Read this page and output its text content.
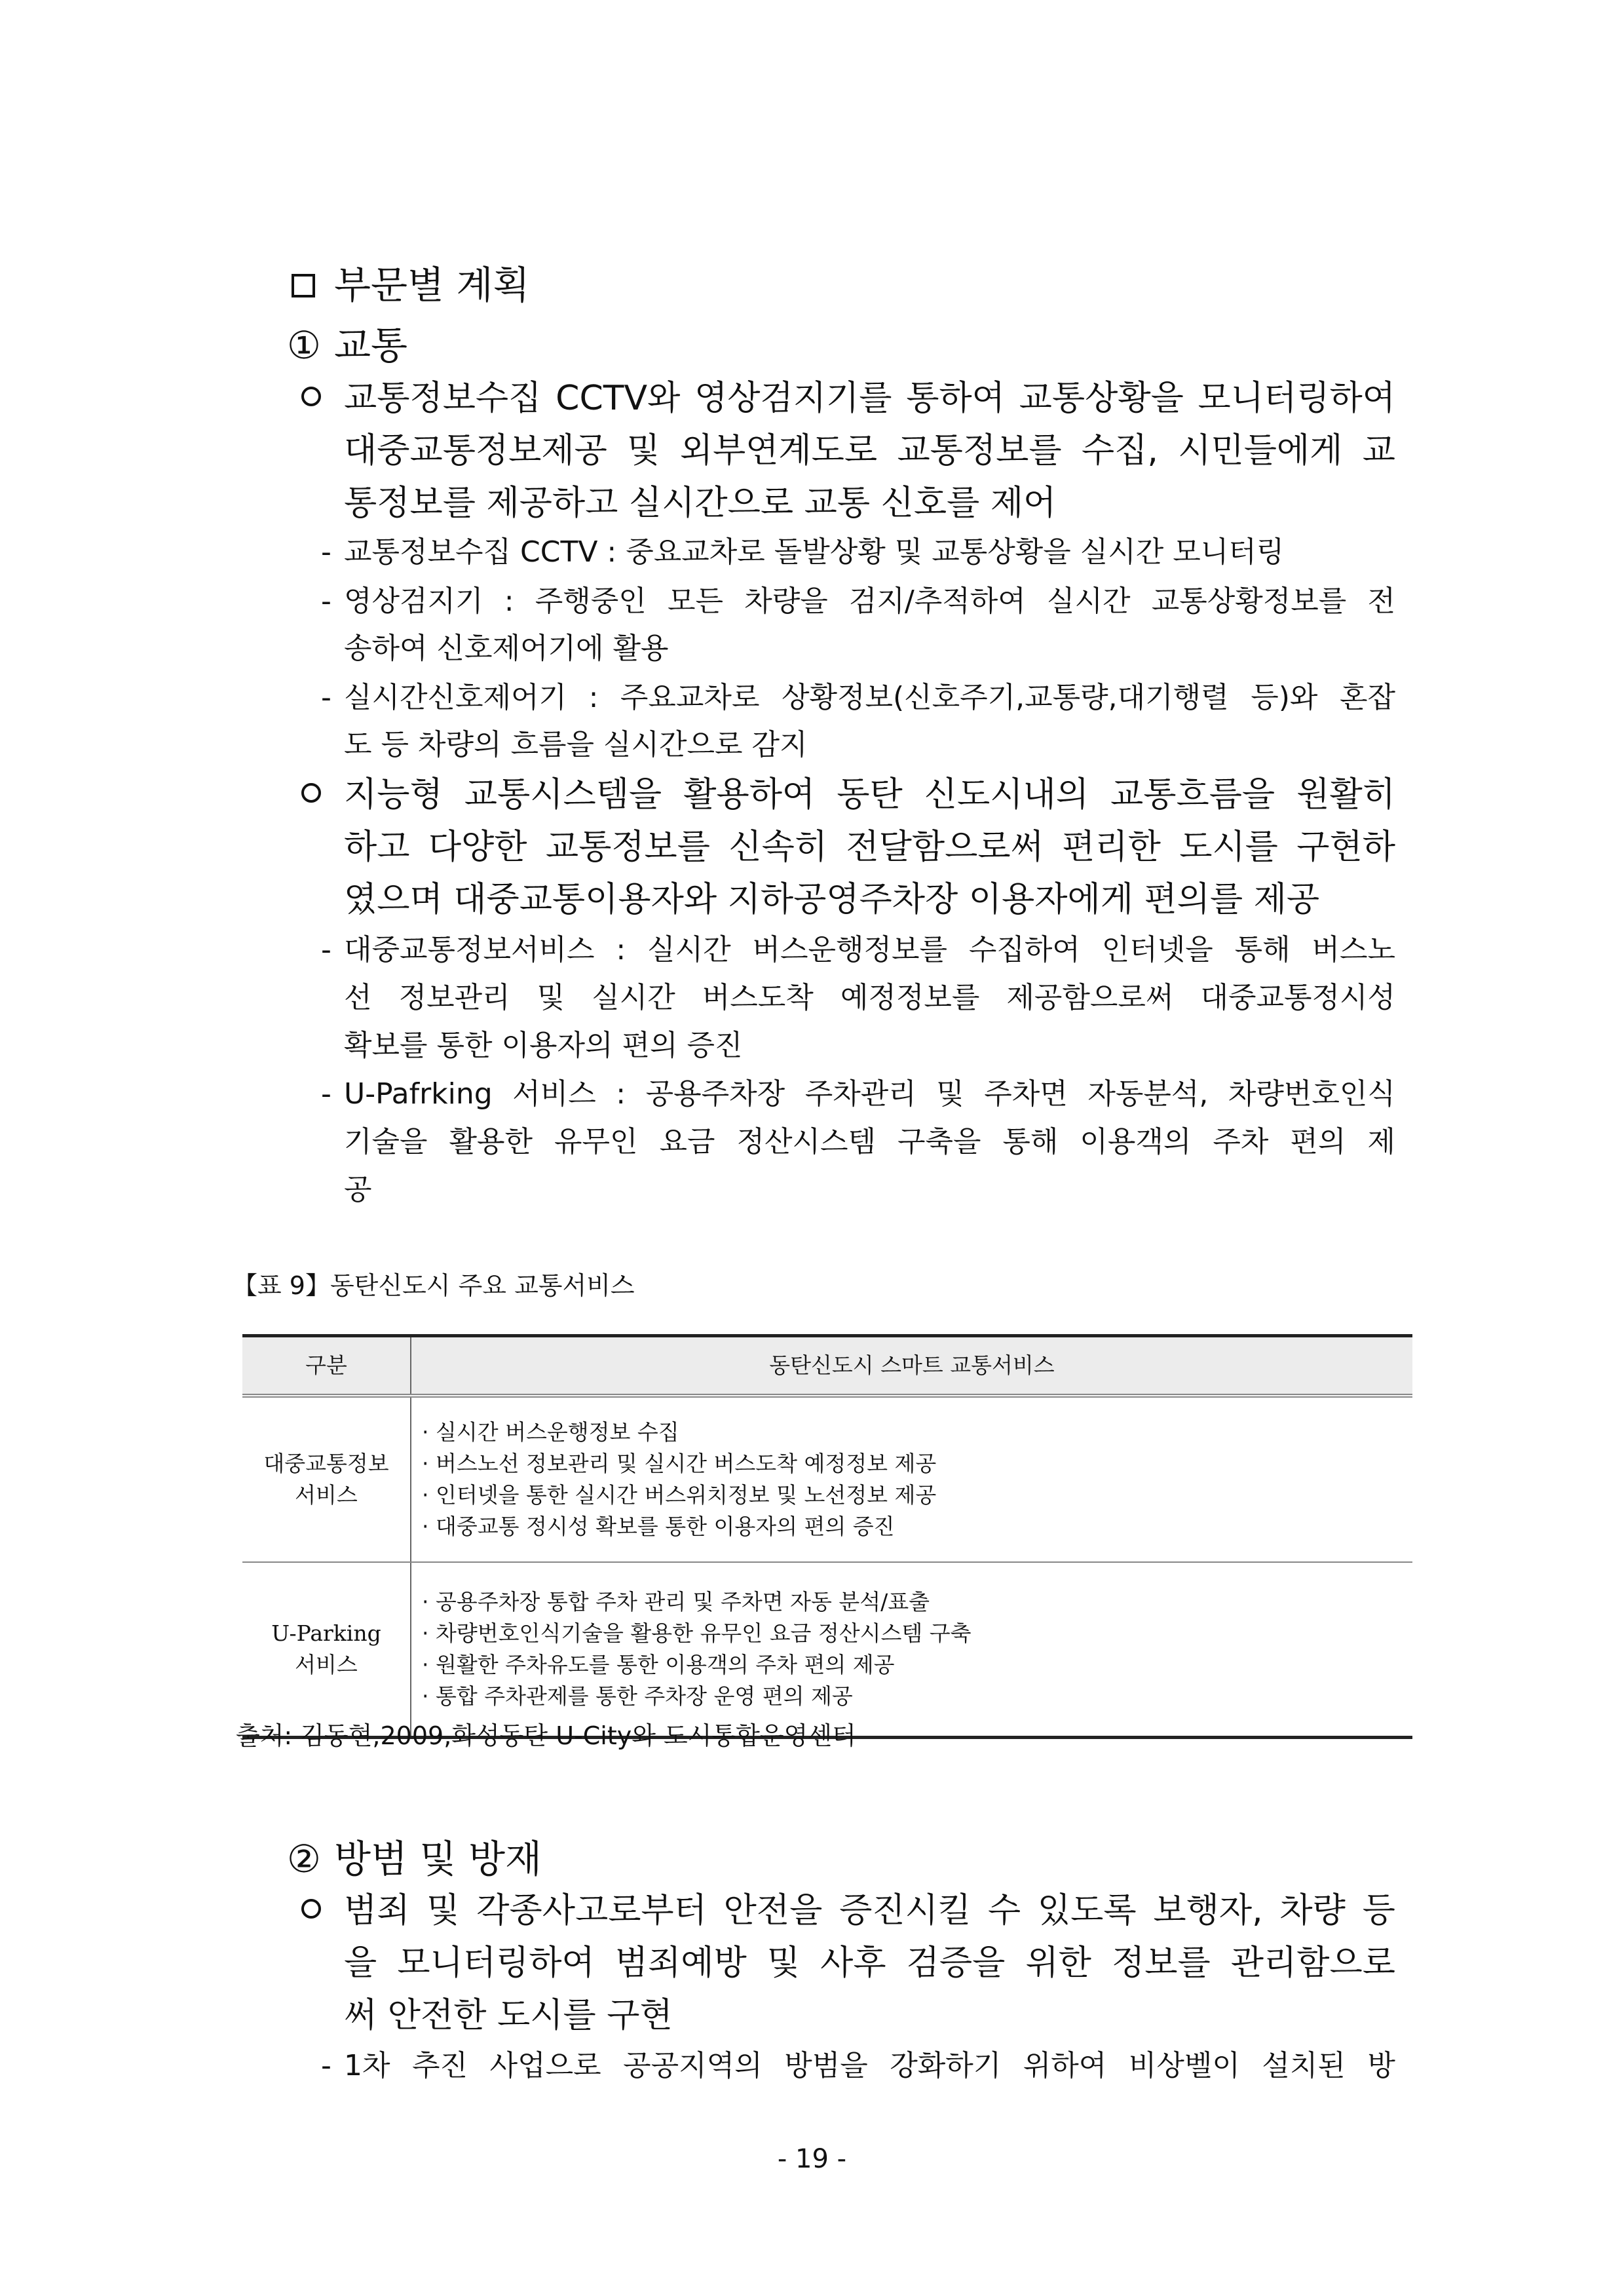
부문별 계획
① 교통
교통정보수집 CCTV와 영상검지기를 통하여 교통상황을 모니터링하여
대중교통정보제공 및 외부연계도로 교통정보를 수집, 시민들에게 교
통정보를 제공하고 실시간으로 교통 신호를 제어
- 교통정보수집 CCTV : 중요교차로 돌발상황 및 교통상황을 실시간 모니터링
- 영상검지기 : 주행중인 모든 차량을 검지/추적하여 실시간 교통상황정보를 전
송하여 신호제어기에 활용
- 실시간신호제어기 : 주요교차로 상황정보(신호주기,교통량,대기행렬 등)와 혼잡
도 등 차량의 흐름을 실시간으로 감지
지능형 교통시스템을 활용하여 동탄 신도시내의 교통흐름을 원활히
하고 다양한 교통정보를 신속히 전달함으로써 편리한 도시를 구현하
였으며 대중교통이용자와 지하공영주차장 이용자에게 편의를 제공
- 대중교통정보서비스 : 실시간 버스운행정보를 수집하여 인터넷을 통해 버스노
선 정보관리 및 실시간 버스도착 예정정보를 제공함으로써 대중교통정시성
확보를 통한 이용자의 편의 증진
- U-Pafrking 서비스 : 공용주차장 주차관리 및 주차면 자동분석, 차량번호인식
기술을 활용한 유무인 요금 정산시스템 구축을 통해 이용객의 주차 편의 제
공
【표 9】동탄신도시 주요 교통서비스
구분	동탄신도시 스마트 교통서비스

대중교통정보
서비스	· 실시간 버스운행정보 수집
· 버스노선 정보관리 및 실시간 버스도착 예정정보 제공
· 인터넷을 통한 실시간 버스위치정보 및 노선정보 제공
· 대중교통 정시성 확보를 통한 이용자의 편의 증진

U-Parking
서비스	· 공용주차장 통합 주차 관리 및 주차면 자동 분석/표출
· 차량번호인식기술을 활용한 유무인 요금 정산시스템 구축
· 원활한 주차유도를 통한 이용객의 주차 편의 제공
· 통합 주차관제를 통한 주차장 운영 편의 제공
출처: 김동현,2009,화성동탄 U-City와 도시통합운영센터
② 방범 및 방재
범죄 및 각종사고로부터 안전을 증진시킬 수 있도록 보행자, 차량 등
을 모니터링하여 범죄예방 및 사후 검증을 위한 정보를 관리함으로
써 안전한 도시를 구현
- 1차 추진 사업으로 공공지역의 방범을 강화하기 위하여 비상벨이 설치된 방
- 19 -
